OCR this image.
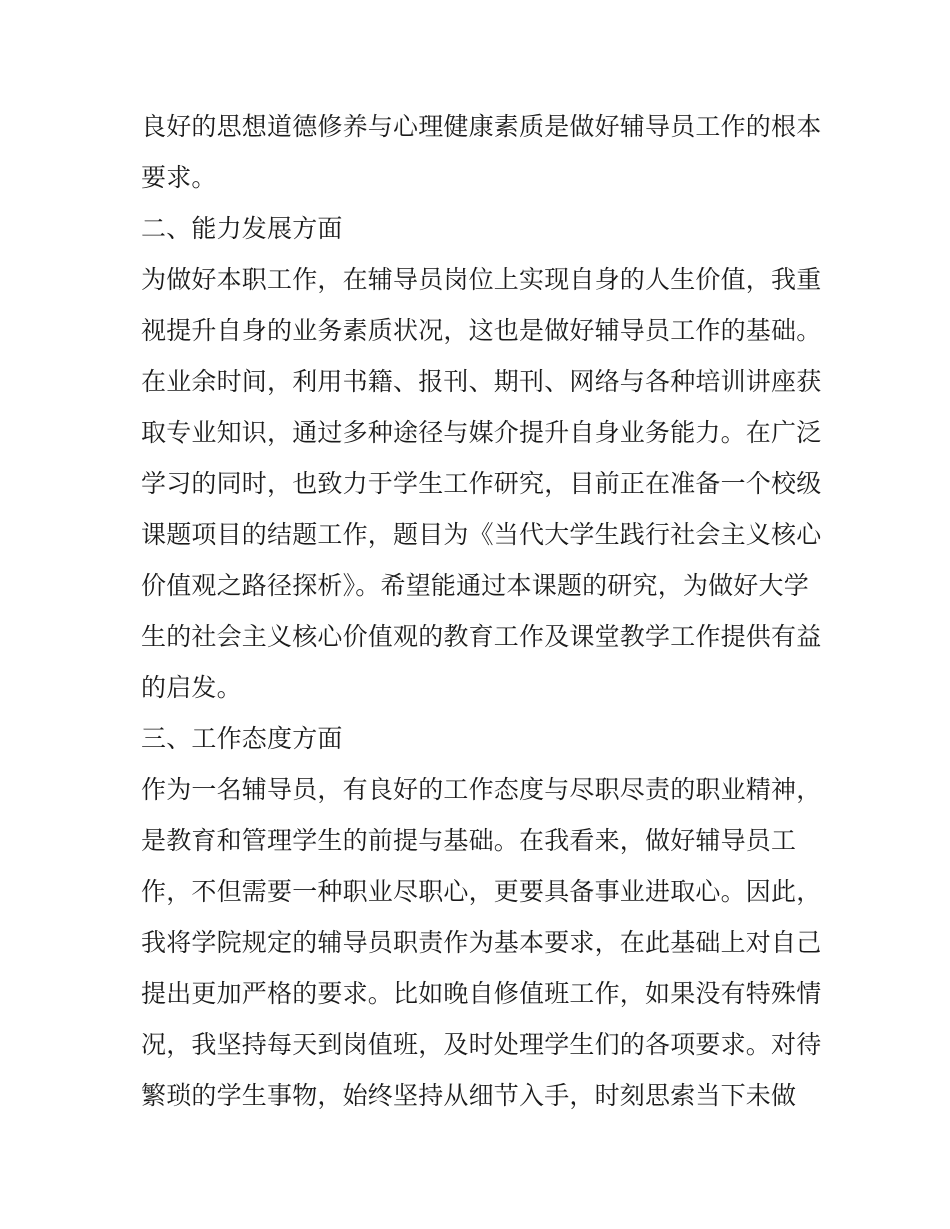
良好的思想道德修养与心理健康素质是做好辅导员工作的根本
要求。
二、能力发展方面
为做好本职工作，在辅导员岗位上实现自身的人生价值，我重
视提升自身的业务素质状况，这也是做好辅导员工作的基础。
在业余时间，利用书籍、报刊、期刊、网络与各种培训讲座获
取专业知识，通过多种途径与媒介提升自身业务能力。在广泛
学习的同时，也致力于学生工作研究，目前正在准备一个校级
课题项目的结题工作，题目为《当代大学生践行社会主义核心
价值观之路径探析》。希望能通过本课题的研究，为做好大学
生的社会主义核心价值观的教育工作及课堂教学工作提供有益
的启发。
三、工作态度方面
作为一名辅导员，有良好的工作态度与尽职尽责的职业精神，
是教育和管理学生的前提与基础。在我看来，做好辅导员工
作，不但需要一种职业尽职心，更要具备事业进取心。因此，
我将学院规定的辅导员职责作为基本要求，在此基础上对自己
提出更加严格的要求。比如晚自修值班工作，如果没有特殊情
况，我坚持每天到岗值班，及时处理学生们的各项要求。对待
繁琐的学生事物，始终坚持从细节入手，时刻思索当下未做
